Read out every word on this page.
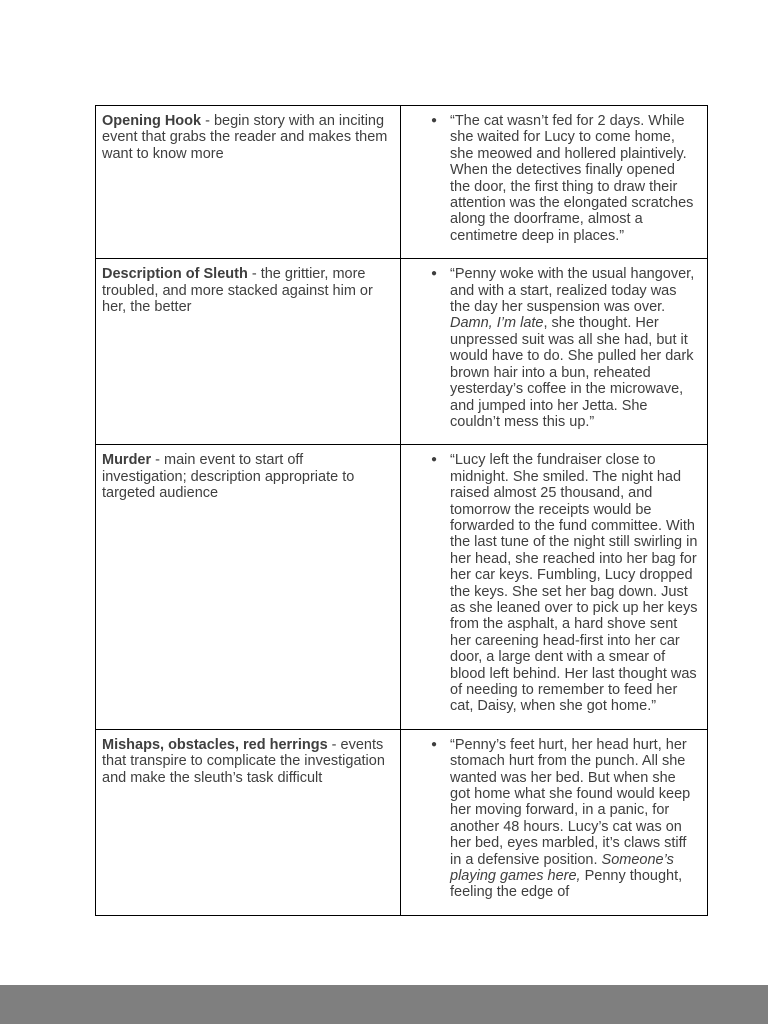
Opening Hook - begin story with an inciting event that grabs the reader and makes them want to know more	● “The cat wasn’t fed for 2 days. While she waited for Lucy to come home, she meowed and hollered plaintively. When the detectives finally opened the door, the first thing to draw their attention was the elongated scratches along the doorframe, almost a centimetre deep in places.”

Description of Sleuth - the grittier, more troubled, and more stacked against him or her, the better	● “Penny woke with the usual hangover, and with a start, realized today was the day her suspension was over. Damn, I’m late, she thought. Her unpressed suit was all she had, but it would have to do. She pulled her dark brown hair into a bun, reheated yesterday’s coffee in the microwave, and jumped into her Jetta. She couldn’t mess this up.”

Murder - main event to start off investigation; description appropriate to targeted audience	● “Lucy left the fundraiser close to midnight. She smiled. The night had raised almost 25 thousand, and tomorrow the receipts would be forwarded to the fund committee. With the last tune of the night still swirling in her head, she reached into her bag for her car keys. Fumbling, Lucy dropped the keys. She set her bag down. Just as she leaned over to pick up her keys from the asphalt, a hard shove sent her careening head-first into her car door, a large dent with a smear of blood left behind. Her last thought was of needing to remember to feed her cat, Daisy, when she got home.”

Mishaps, obstacles, red herrings - events that transpire to complicate the investigation and make the sleuth’s task difficult	● “Penny’s feet hurt, her head hurt, her stomach hurt from the punch. All she wanted was her bed. But when she got home what she found would keep her moving forward, in a panic, for another 48 hours. Lucy’s cat was on her bed, eyes marbled, it’s claws stiff in a defensive position. Someone’s playing games here, Penny thought, feeling the edge of
